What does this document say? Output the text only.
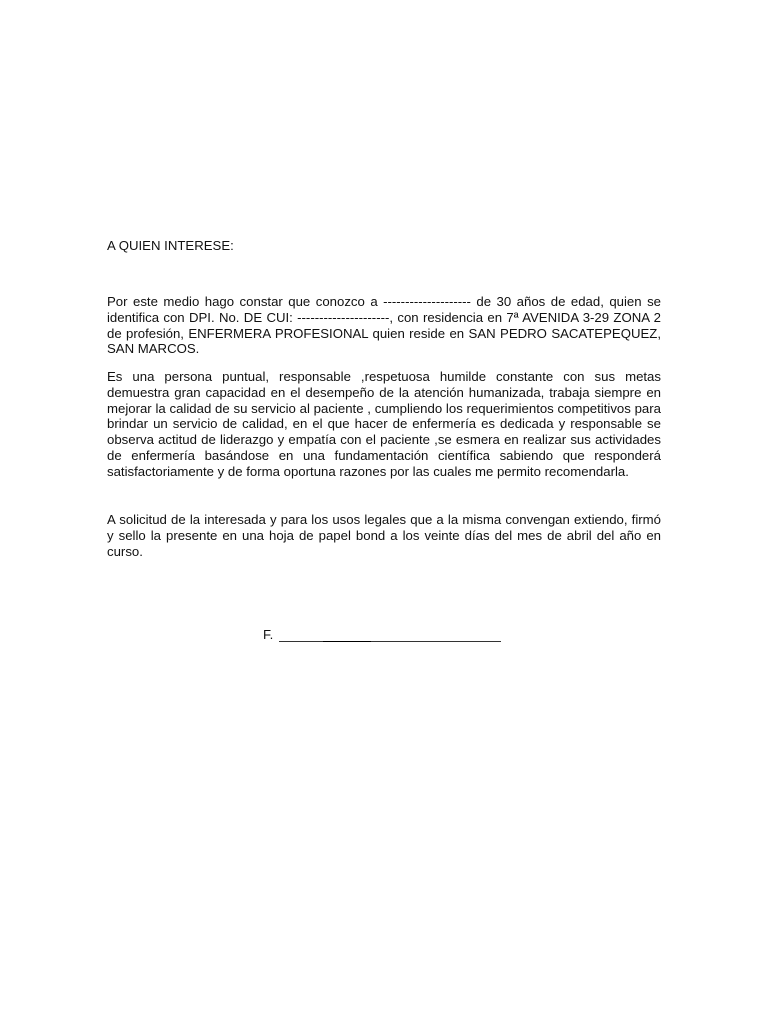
A QUIEN INTERESE:

Por este medio hago constar que conozco a -------------------- de 30 años de edad, quien se identifica con DPI. No. DE CUI: ---------------------, con residencia en 7ª AVENIDA 3-29 ZONA 2 de profesión, ENFERMERA PROFESIONAL quien reside en SAN PEDRO SACATEPEQUEZ, SAN MARCOS.

Es una persona puntual, responsable ,respetuosa humilde constante con sus metas demuestra gran capacidad en el desempeño de la atención humanizada, trabaja siempre en mejorar la calidad de su servicio al paciente , cumpliendo los requerimientos competitivos para brindar un servicio de calidad, en el que hacer de enfermería es dedicada y responsable se observa actitud de liderazgo y empatía con el paciente ,se esmera en realizar sus actividades de enfermería basándose en una fundamentación científica sabiendo que responderá satisfactoriamente y de forma oportuna razones por las cuales me permito recomendarla.

A solicitud de la interesada y para los usos legales que a la misma convengan extiendo, firmó y sello la presente en una hoja de papel bond a los veinte días del mes de abril del año en curso.

F.
